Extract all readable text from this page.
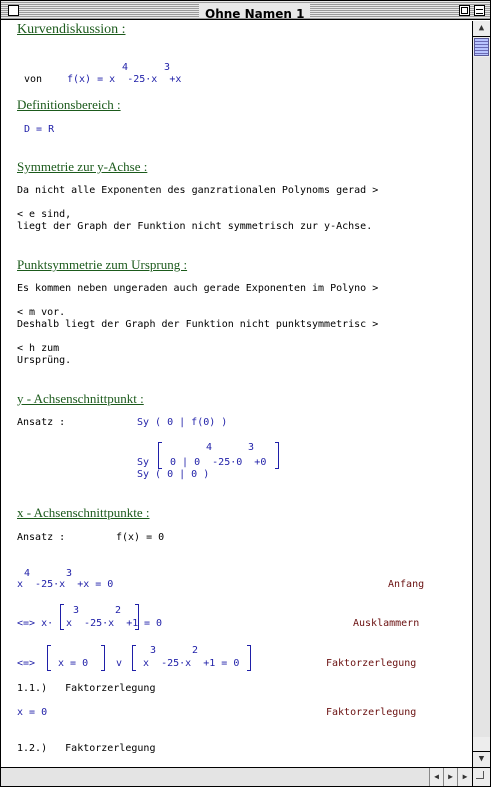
Ohne Namen 1
Kurvendiskussion :
4	3
von f(x) = x  -25·x  +x
Definitionsbereich :
D = R
Symmetrie zur y-Achse :
Da nicht alle Exponenten des ganzrationalen Polynoms gerad >
< e sind,
liegt der Graph der Funktion nicht symmetrisch zur y-Achse.
Punktsymmetrie zum Ursprung :
Es kommen neben ungeraden auch gerade Exponenten im Polyno >
< m vor.
Deshalb liegt der Graph der Funktion nicht punktsymmetrisc >
< h zum
Ursprüng.
y - Achsenschnittpunkt :
Ansatz :	Sy ( 0 | f(0) )
4	3
Sy 0 | 0  -25·0  +0
Sy ( 0 | 0 )
x - Achsenschnittpunkte :
Ansatz :	f(x) = 0
4	3
x  -25·x  +x = 0	Anfang
<=> x·
3	2
x  -25·x  +1 = 0	Ausklammern
<=> x = 0 v
3	2
x  -25·x  +1 = 0	Faktorzerlegung
1.1.)   Faktorzerlegung
x = 0	Faktorzerlegung
1.2.)   Faktorzerlegung
▲
▼
◀	▶	▶
